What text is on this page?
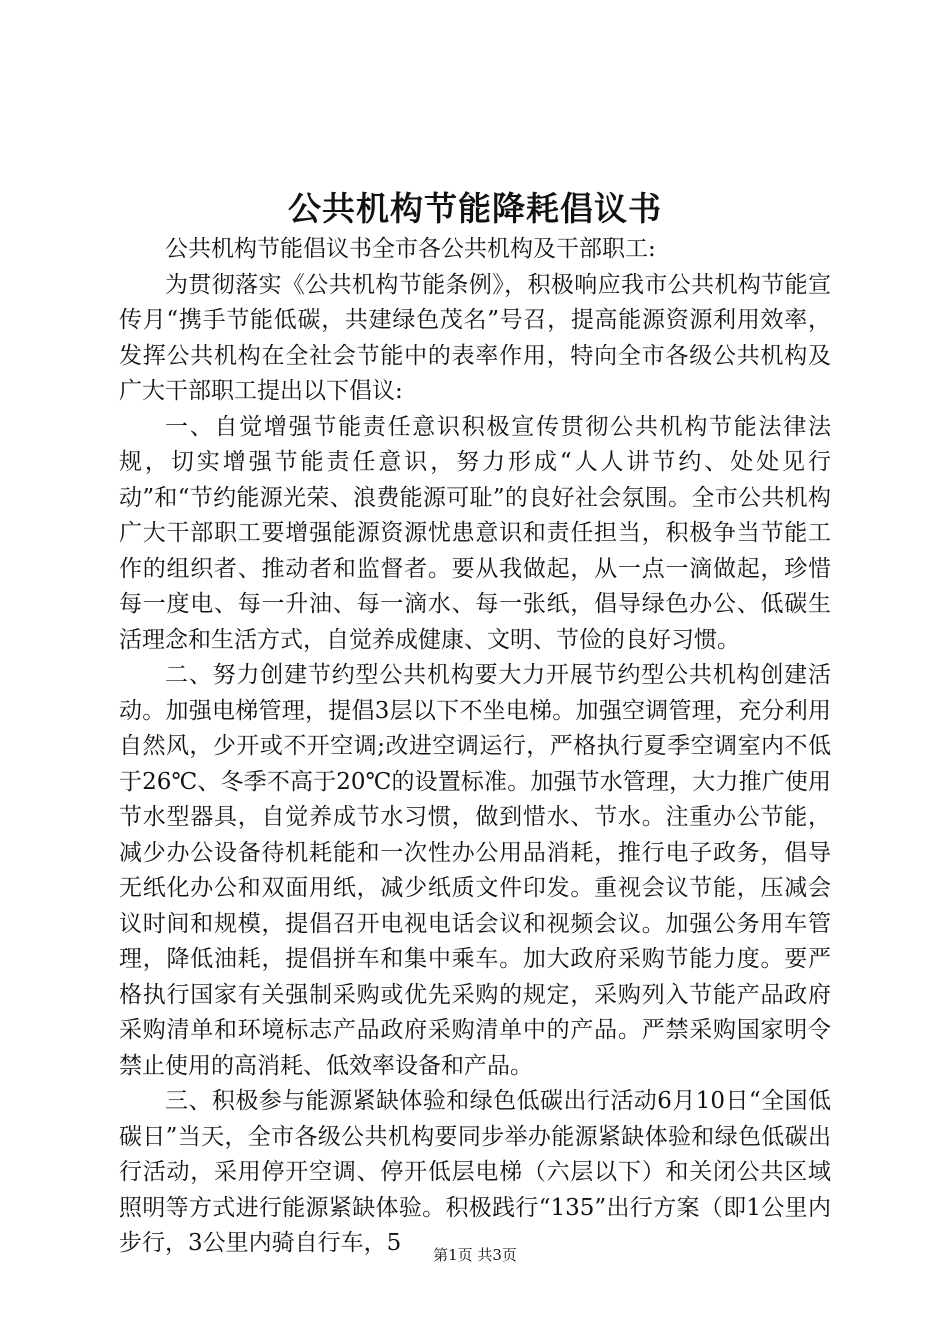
公共机构节能降耗倡议书

公共机构节能倡议书全市各公共机构及干部职工:

为贯彻落实《公共机构节能条例》，积极响应我市公共机构节能宣传月“携手节能低碳，共建绿色茂名”号召，提高能源资源利用效率，发挥公共机构在全社会节能中的表率作用，特向全市各级公共机构及广大干部职工提出以下倡议:

一、自觉增强节能责任意识积极宣传贯彻公共机构节能法律法规，切实增强节能责任意识，努力形成“人人讲节约、处处见行动”和“节约能源光荣、浪费能源可耻”的良好社会氛围。全市公共机构广大干部职工要增强能源资源忧患意识和责任担当，积极争当节能工作的组织者、推动者和监督者。要从我做起，从一点一滴做起，珍惜每一度电、每一升油、每一滴水、每一张纸，倡导绿色办公、低碳生活理念和生活方式，自觉养成健康、文明、节俭的良好习惯。

二、努力创建节约型公共机构要大力开展节约型公共机构创建活动。加强电梯管理，提倡3层以下不坐电梯。加强空调管理，充分利用自然风，少开或不开空调;改进空调运行，严格执行夏季空调室内不低于26℃、冬季不高于20℃的设置标准。加强节水管理，大力推广使用节水型器具，自觉养成节水习惯，做到惜水、节水。注重办公节能，减少办公设备待机耗能和一次性办公用品消耗，推行电子政务，倡导无纸化办公和双面用纸，减少纸质文件印发。重视会议节能，压减会议时间和规模，提倡召开电视电话会议和视频会议。加强公务用车管理，降低油耗，提倡拼车和集中乘车。加大政府采购节能力度。要严格执行国家有关强制采购或优先采购的规定，采购列入节能产品政府采购清单和环境标志产品政府采购清单中的产品。严禁采购国家明令禁止使用的高消耗、低效率设备和产品。

三、积极参与能源紧缺体验和绿色低碳出行活动6月10日“全国低碳日”当天，全市各级公共机构要同步举办能源紧缺体验和绿色低碳出行活动，采用停开空调、停开低层电梯（六层以下）和关闭公共区域照明等方式进行能源紧缺体验。积极践行“135”出行方案（即1公里内步行，3公里内骑自行车，5	第1页 共3页
